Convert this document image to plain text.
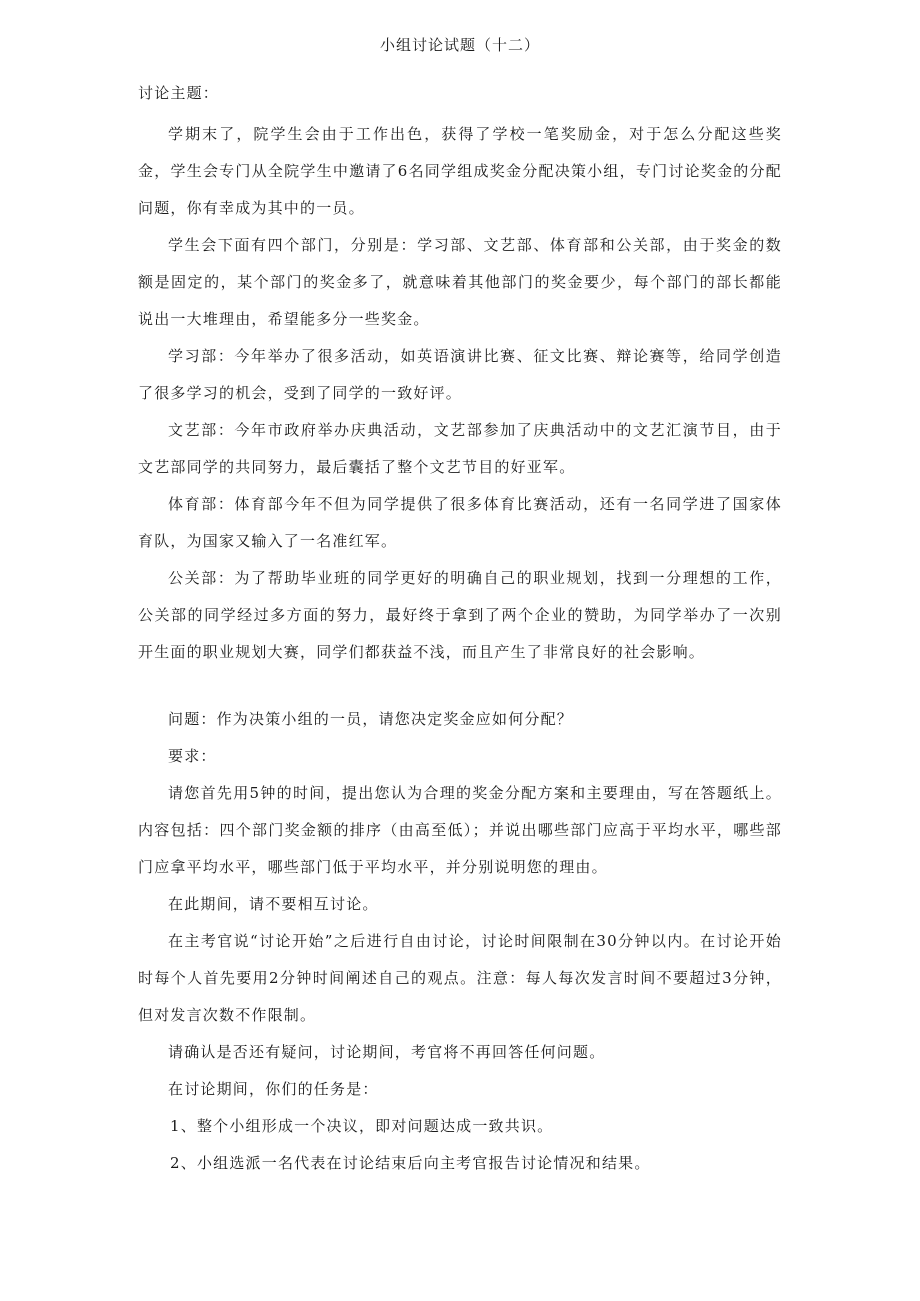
小组讨论试题（十二）
讨论主题：

学期末了，院学生会由于工作出色，获得了学校一笔奖励金，对于怎么分配这些奖金，学生会专门从全院学生中邀请了6名同学组成奖金分配决策小组，专门讨论奖金的分配问题，你有幸成为其中的一员。

学生会下面有四个部门，分别是：学习部、文艺部、体育部和公关部，由于奖金的数额是固定的，某个部门的奖金多了，就意味着其他部门的奖金要少，每个部门的部长都能说出一大堆理由，希望能多分一些奖金。

学习部：今年举办了很多活动，如英语演讲比赛、征文比赛、辩论赛等，给同学创造了很多学习的机会，受到了同学的一致好评。

文艺部：今年市政府举办庆典活动，文艺部参加了庆典活动中的文艺汇演节目，由于文艺部同学的共同努力，最后囊括了整个文艺节目的好亚军。

体育部：体育部今年不但为同学提供了很多体育比赛活动，还有一名同学进了国家体育队，为国家又输入了一名准红军。

公关部：为了帮助毕业班的同学更好的明确自己的职业规划，找到一分理想的工作，公关部的同学经过多方面的努力，最好终于拿到了两个企业的赞助，为同学举办了一次别开生面的职业规划大赛，同学们都获益不浅，而且产生了非常良好的社会影响。

问题：作为决策小组的一员，请您决定奖金应如何分配？

要求：

请您首先用5钟的时间，提出您认为合理的奖金分配方案和主要理由，写在答题纸上。内容包括：四个部门奖金额的排序（由高至低）；并说出哪些部门应高于平均水平，哪些部门应拿平均水平，哪些部门低于平均水平，并分别说明您的理由。

在此期间，请不要相互讨论。

在主考官说“讨论开始”之后进行自由讨论，讨论时间限制在30分钟以内。在讨论开始时每个人首先要用2分钟时间阐述自己的观点。注意：每人每次发言时间不要超过3分钟，但对发言次数不作限制。

请确认是否还有疑问，讨论期间，考官将不再回答任何问题。

在讨论期间，你们的任务是：

1、整个小组形成一个决议，即对问题达成一致共识。

2、小组选派一名代表在讨论结束后向主考官报告讨论情况和结果。
